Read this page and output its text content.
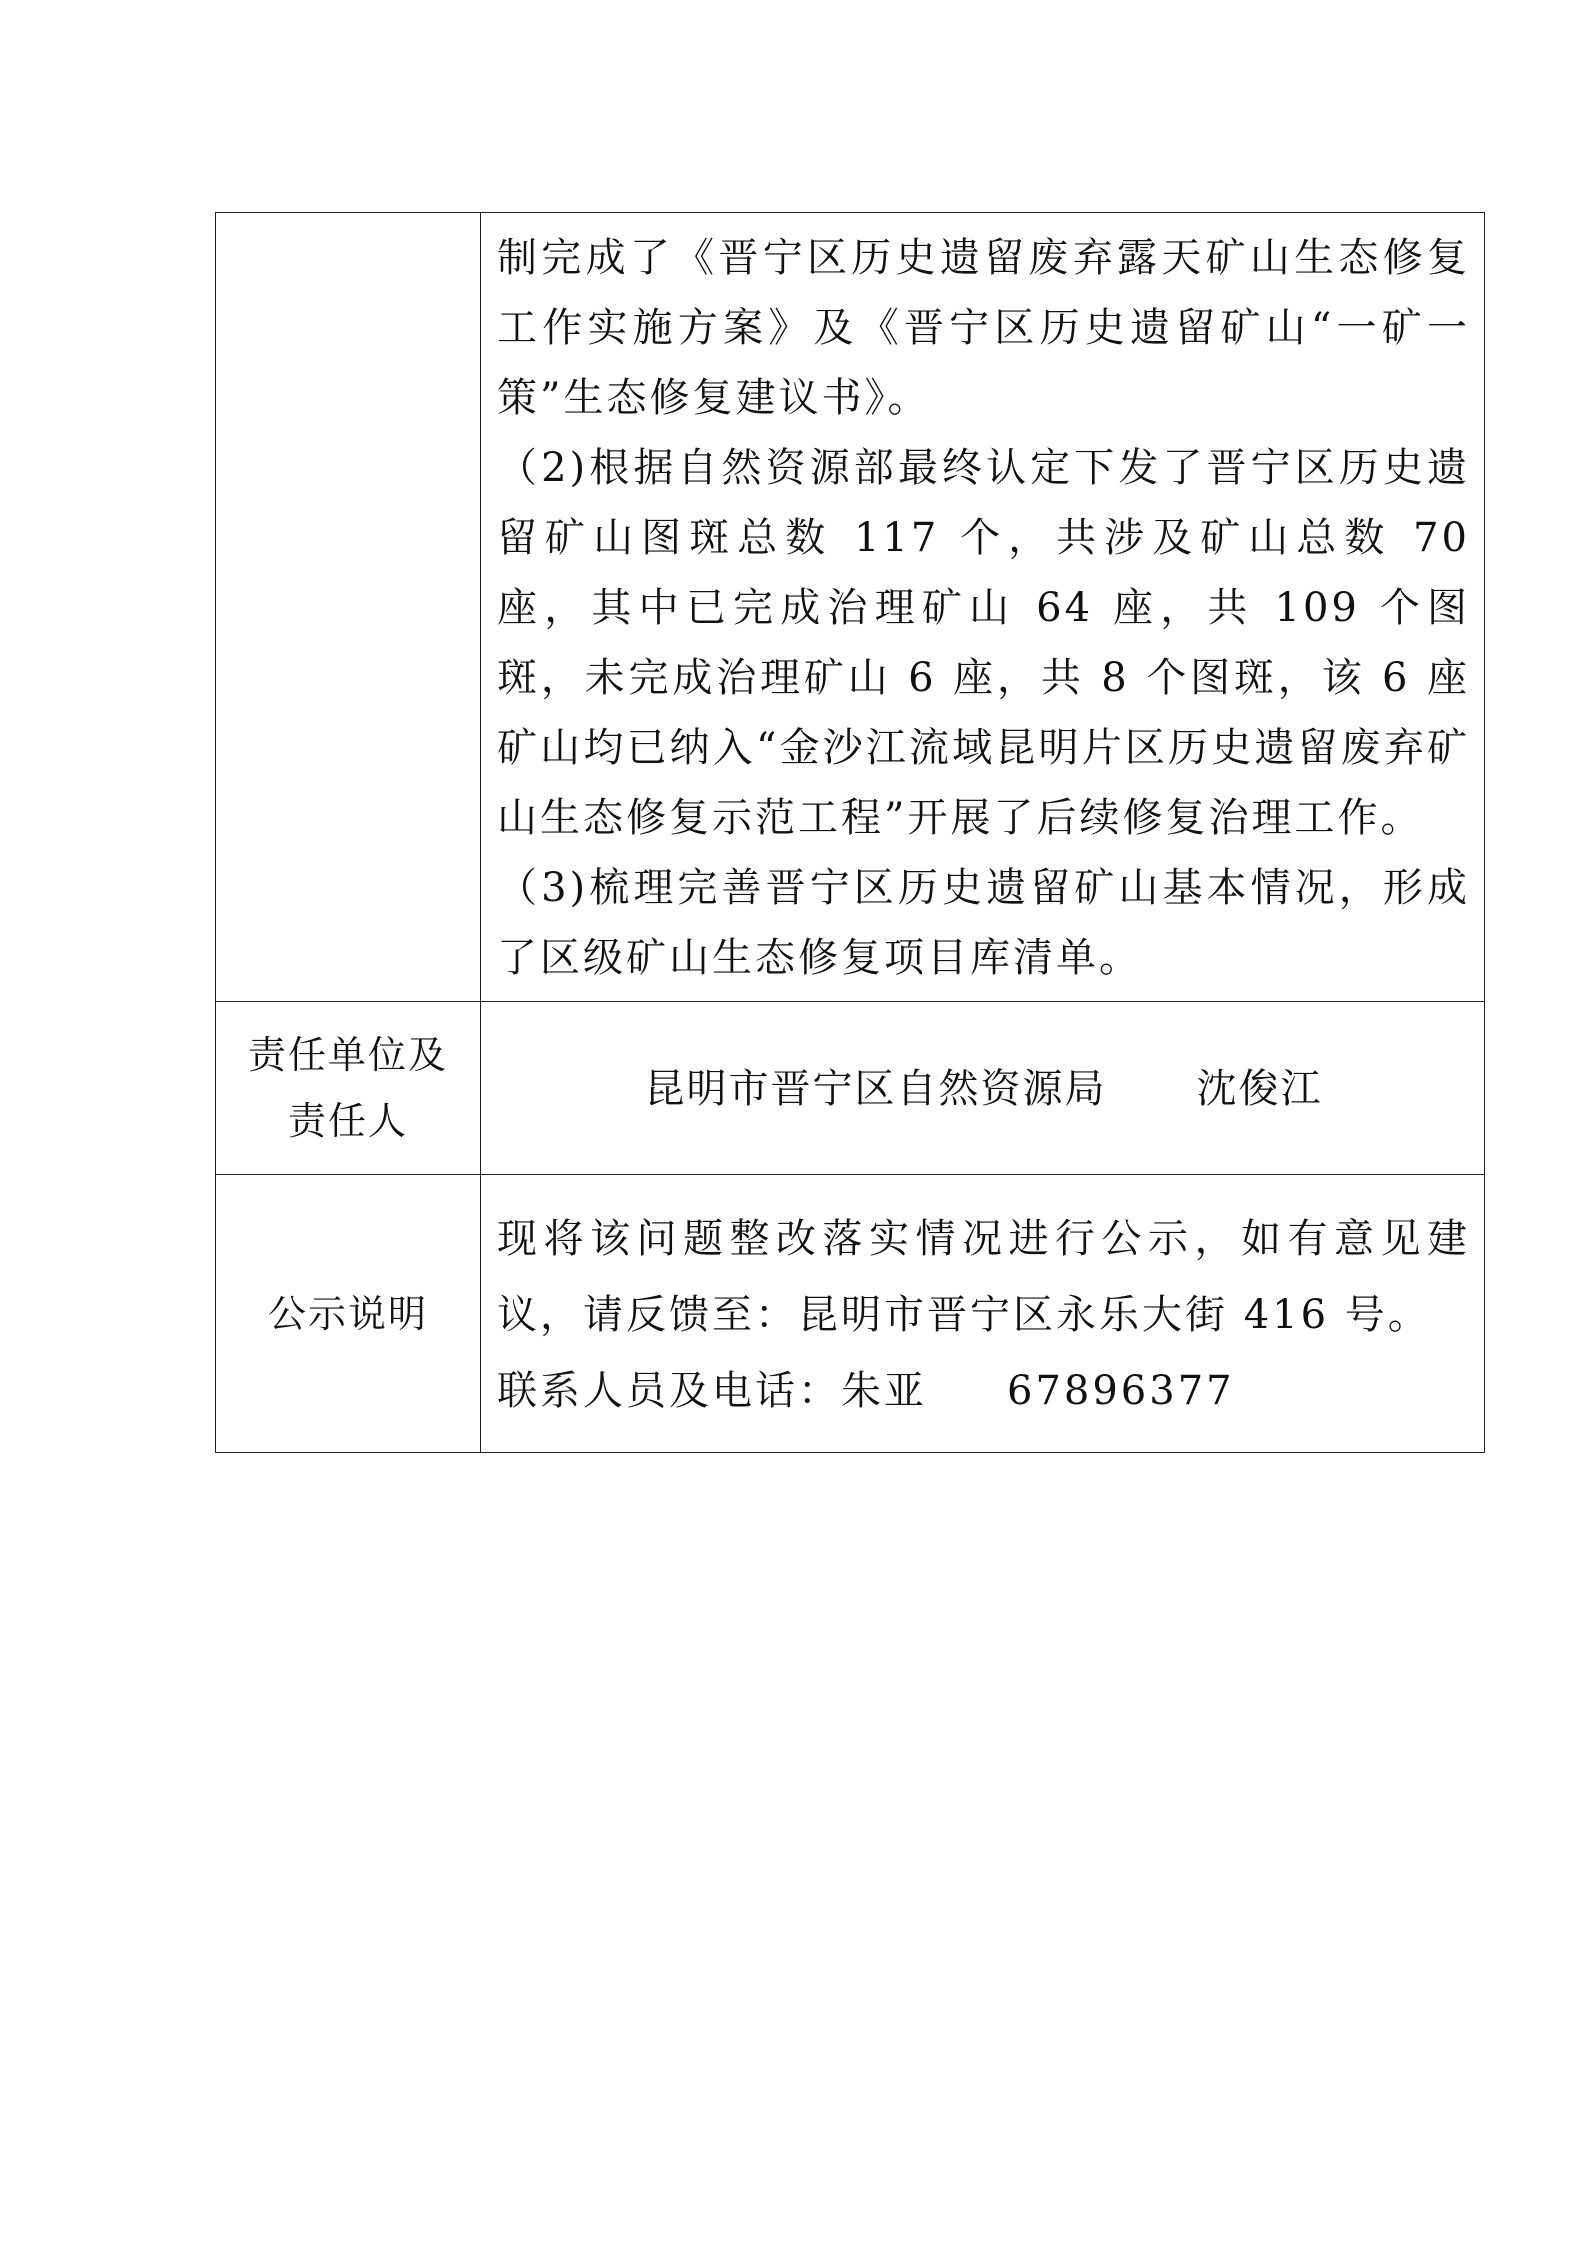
	制完成了《晋宁区历史遗留废弃露天矿山生态修复工作实施方案》及《晋宁区历史遗留矿山“一矿一策”生态修复建议书》。

（2)根据自然资源部最终认定下发了晋宁区历史遗留矿山图斑总数 117 个，共涉及矿山总数 70 座，其中已完成治理矿山 64 座，共 109 个图斑，未完成治理矿山 6 座，共 8 个图斑，该 6 座矿山均已纳入“金沙江流域昆明片区历史遗留废弃矿山生态修复示范工程”开展了后续修复治理工作。

（3)梳理完善晋宁区历史遗留矿山基本情况，形成了区级矿山生态修复项目库清单。

责任单位及
责任人	昆明市晋宁区自然资源局 沈俊江
公示说明	现将该问题整改落实情况进行公示，如有意见建议，请反馈至：昆明市晋宁区永乐大街 416 号。

联系人员及电话：朱亚 67896377
